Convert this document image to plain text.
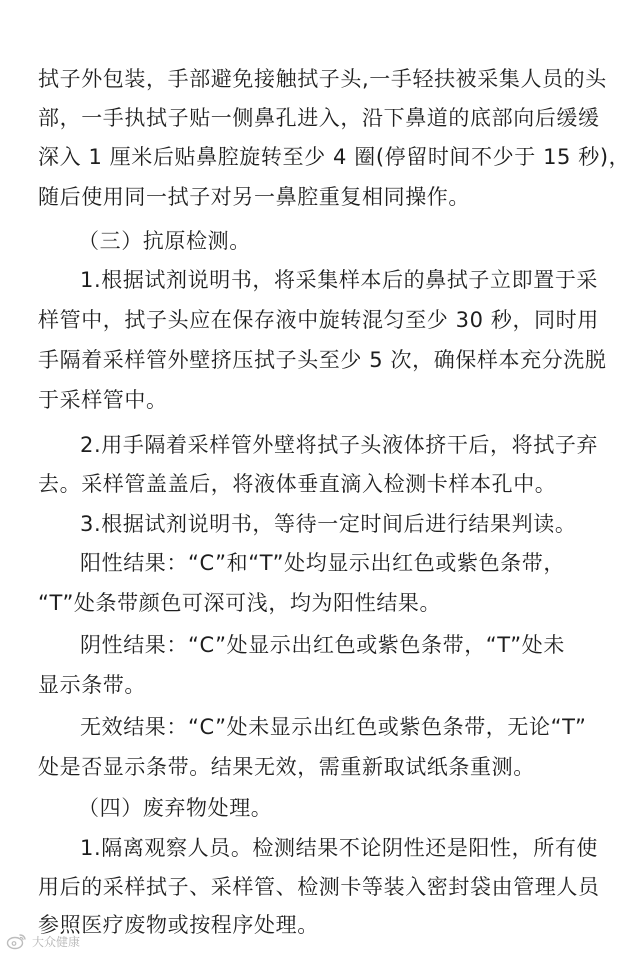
拭子外包装，手部避免接触拭子头,一手轻扶被采集人员的头
部，一手执拭子贴一侧鼻孔进入，沿下鼻道的底部向后缓缓
深入 1 厘米后贴鼻腔旋转至少 4 圈(停留时间不少于 15 秒)，
随后使用同一拭子对另一鼻腔重复相同操作。
（三）抗原检测。
1.根据试剂说明书，将采集样本后的鼻拭子立即置于采
样管中，拭子头应在保存液中旋转混匀至少 30 秒，同时用
手隔着采样管外壁挤压拭子头至少 5 次，确保样本充分洗脱
于采样管中。
2.用手隔着采样管外壁将拭子头液体挤干后，将拭子弃
去。采样管盖盖后，将液体垂直滴入检测卡样本孔中。
3.根据试剂说明书，等待一定时间后进行结果判读。
阳性结果：“C”和“T”处均显示出红色或紫色条带，
“T”处条带颜色可深可浅，均为阳性结果。
阴性结果：“C”处显示出红色或紫色条带，“T”处未
显示条带。
无效结果：“C”处未显示出红色或紫色条带，无论“T”
处是否显示条带。结果无效，需重新取试纸条重测。
（四）废弃物处理。
1.隔离观察人员。检测结果不论阴性还是阳性，所有使
用后的采样拭子、采样管、检测卡等装入密封袋由管理人员
参照医疗废物或按程序处理。
大众健康
